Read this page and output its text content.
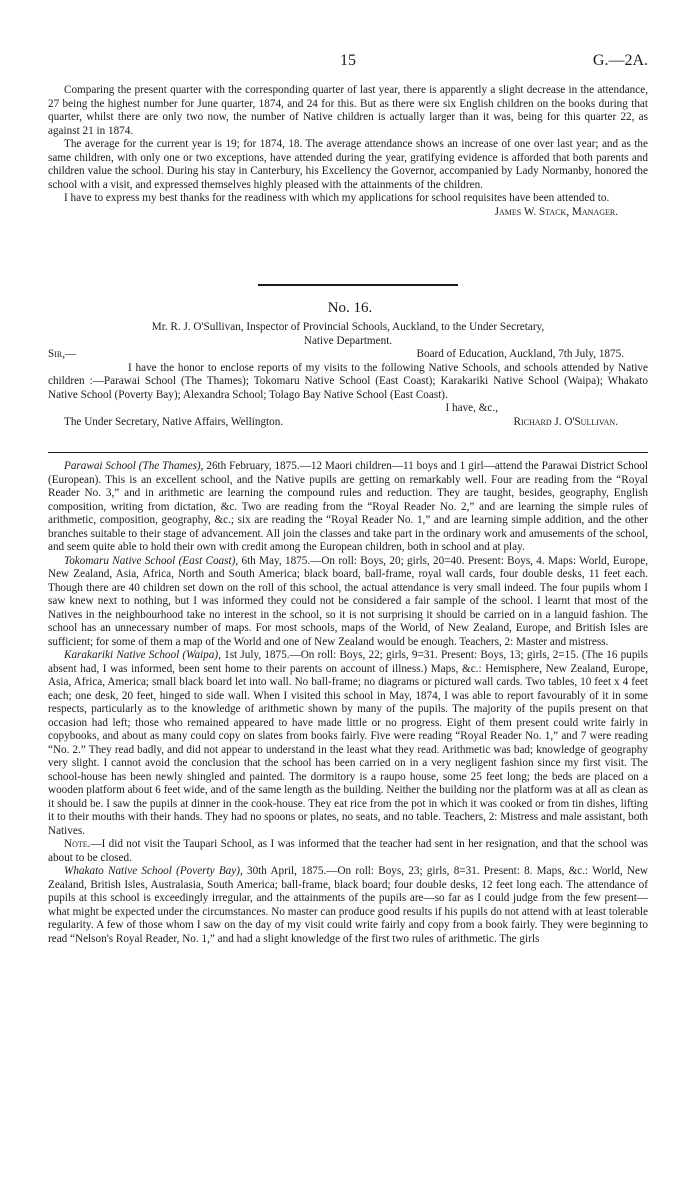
15	G.—2A.

Comparing the present quarter with the corresponding quarter of last year, there is apparently a slight decrease in the attendance, 27 being the highest number for June quarter, 1874, and 24 for this. But as there were six English children on the books during that quarter, whilst there are only two now, the number of Native children is actually larger than it was, being for this quarter 22, as against 21 in 1874.

The average for the current year is 19; for 1874, 18. The average attendance shows an increase of one over last year; and as the same children, with only one or two exceptions, have attended during the year, gratifying evidence is afforded that both parents and children value the school. During his stay in Canterbury, his Excellency the Governor, accompanied by Lady Normanby, honored the school with a visit, and expressed themselves highly pleased with the attainments of the children.

I have to express my best thanks for the readiness with which my applications for school requisites have been attended to.

James W. Stack, Manager.

No. 16.

Mr. R. J. O'Sullivan, Inspector of Provincial Schools, Auckland, to the Under Secretary,

Native Department.

Sir,—	Board of Education, Auckland, 7th July, 1875.

I have the honor to enclose reports of my visits to the following Native Schools, and schools attended by Native children :—Parawai School (The Thames); Tokomaru Native School (East Coast); Karakariki Native School (Waipa); Whakato Native School (Poverty Bay); Alexandra School; Tolago Bay Native School (East Coast).

I have, &c.,

The Under Secretary, Native Affairs, Wellington.	Richard J. O'Sullivan.

Parawai School (The Thames), 26th February, 1875.—12 Maori children—11 boys and 1 girl—attend the Parawai District School (European). This is an excellent school, and the Native pupils are getting on remarkably well. Four are reading from the “Royal Reader No. 3,” and in arithmetic are learning the compound rules and reduction. They are taught, besides, geography, English composition, writing from dictation, &c. Two are reading from the “Royal Reader No. 2,” and are learning the simple rules of arithmetic, composition, geography, &c.; six are reading the “Royal Reader No. 1,” and are learning simple addition, and the other branches suitable to their stage of advancement. All join the classes and take part in the ordinary work and amusements of the school, and seem quite able to hold their own with credit among the European children, both in school and at play.

Tokomaru Native School (East Coast), 6th May, 1875.—On roll: Boys, 20; girls, 20=40. Present: Boys, 4. Maps: World, Europe, New Zealand, Asia, Africa, North and South America; black board, ball-frame, royal wall cards, four double desks, 11 feet each. Though there are 40 children set down on the roll of this school, the actual attendance is very small indeed. The four pupils whom I saw knew next to nothing, but I was informed they could not be considered a fair sample of the school. I learnt that most of the Natives in the neighbourhood take no interest in the school, so it is not surprising it should be carried on in a languid fashion. The school has an unnecessary number of maps. For most schools, maps of the World, of New Zealand, Europe, and British Isles are sufficient; for some of them a map of the World and one of New Zealand would be enough. Teachers, 2: Master and mistress.

Karakariki Native School (Waipa), 1st July, 1875.—On roll: Boys, 22; girls, 9=31. Present: Boys, 13; girls, 2=15. (The 16 pupils absent had, I was informed, been sent home to their parents on account of illness.) Maps, &c.: Hemisphere, New Zealand, Europe, Asia, Africa, America; small black board let into wall. No ball-frame; no diagrams or pictured wall cards. Two tables, 10 feet x 4 feet each; one desk, 20 feet, hinged to side wall. When I visited this school in May, 1874, I was able to report favourably of it in some respects, particularly as to the knowledge of arithmetic shown by many of the pupils. The majority of the pupils present on that occasion had left; those who remained appeared to have made little or no progress. Eight of them present could write fairly in copybooks, and about as many could copy on slates from books fairly. Five were reading “Royal Reader No. 1,” and 7 were reading “No. 2.” They read badly, and did not appear to understand in the least what they read. Arithmetic was bad; knowledge of geography very slight. I cannot avoid the conclusion that the school has been carried on in a very negligent fashion since my first visit. The school-house has been newly shingled and painted. The dormitory is a raupo house, some 25 feet long; the beds are placed on a wooden platform about 6 feet wide, and of the same length as the building. Neither the building nor the platform was at all as clean as it should be. I saw the pupils at dinner in the cook-house. They eat rice from the pot in which it was cooked or from tin dishes, lifting it to their mouths with their hands. They had no spoons or plates, no seats, and no table. Teachers, 2: Mistress and male assistant, both Natives.

Note.—I did not visit the Taupari School, as I was informed that the teacher had sent in her resignation, and that the school was about to be closed.

Whakato Native School (Poverty Bay), 30th April, 1875.—On roll: Boys, 23; girls, 8=31. Present: 8. Maps, &c.: World, New Zealand, British Isles, Australasia, South America; ball-frame, black board; four double desks, 12 feet long each. The attendance of pupils at this school is exceedingly irregular, and the attainments of the pupils are—so far as I could judge from the few present—what might be expected under the circumstances. No master can produce good results if his pupils do not attend with at least tolerable regularity. A few of those whom I saw on the day of my visit could write fairly and copy from a book fairly. They were beginning to read “Nelson's Royal Reader, No. 1,” and had a slight knowledge of the first two rules of arithmetic. The girls
